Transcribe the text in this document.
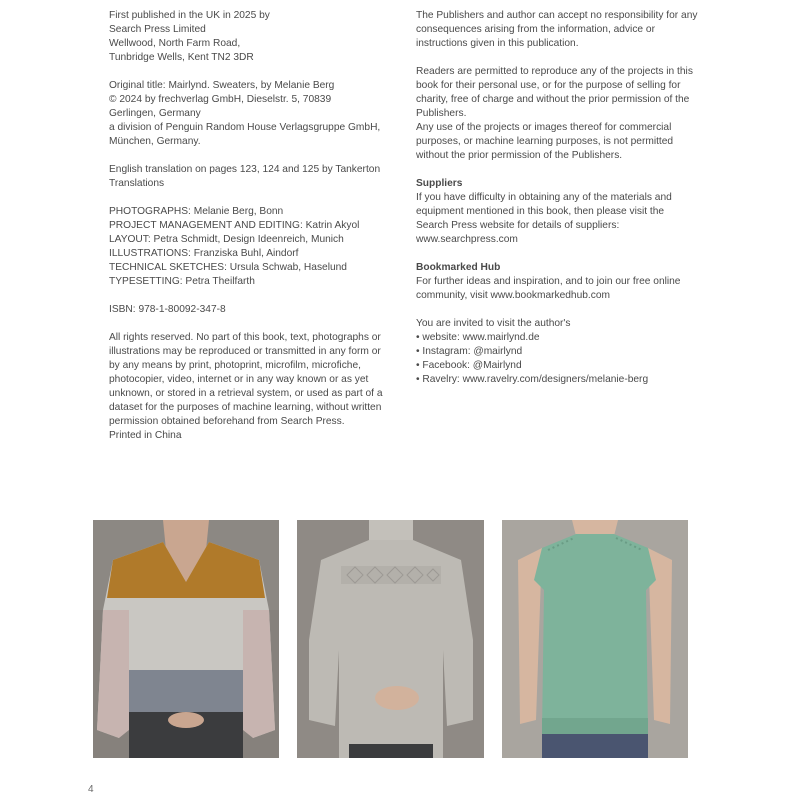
First published in the UK in 2025 by
Search Press Limited
Wellwood, North Farm Road,
Tunbridge Wells, Kent TN2 3DR

Original title: Mairlynd. Sweaters, by Melanie Berg
© 2024 by frechverlag GmbH, Dieselstr. 5, 70839
Gerlingen, Germany
a division of Penguin Random House Verlagsgruppe GmbH,
München, Germany.

English translation on pages 123, 124 and 125 by Tankerton
Translations

PHOTOGRAPHS: Melanie Berg, Bonn
PROJECT MANAGEMENT AND EDITING: Katrin Akyol
LAYOUT: Petra Schmidt, Design Ideenreich, Munich
ILLUSTRATIONS: Franziska Buhl, Aindorf
TECHNICAL SKETCHES: Ursula Schwab, Haselund
TYPESETTING: Petra Theilfarth

ISBN: 978-1-80092-347-8

All rights reserved. No part of this book, text, photographs or
illustrations may be reproduced or transmitted in any form or
by any means by print, photoprint, microfilm, microfiche,
photocopier, video, internet or in any way known or as yet
unknown, or stored in a retrieval system, or used as part of a
dataset for the purposes of machine learning, without written
permission obtained beforehand from Search Press.
Printed in China

The Publishers and author can accept no responsibility for any
consequences arising from the information, advice or
instructions given in this publication.

Readers are permitted to reproduce any of the projects in this
book for their personal use, or for the purpose of selling for
charity, free of charge and without the prior permission of the
Publishers.
Any use of the projects or images thereof for commercial
purposes, or machine learning purposes, is not permitted
without the prior permission of the Publishers.

Suppliers
If you have difficulty in obtaining any of the materials and
equipment mentioned in this book, then please visit the
Search Press website for details of suppliers:
www.searchpress.com

Bookmarked Hub
For further ideas and inspiration, and to join our free online
community, visit www.bookmarkedhub.com

You are invited to visit the author's
• website: www.mairlynd.de
• Instagram: @mairlynd
• Facebook: @Mairlynd
• Ravelry: www.ravelry.com/designers/melanie-berg

4
